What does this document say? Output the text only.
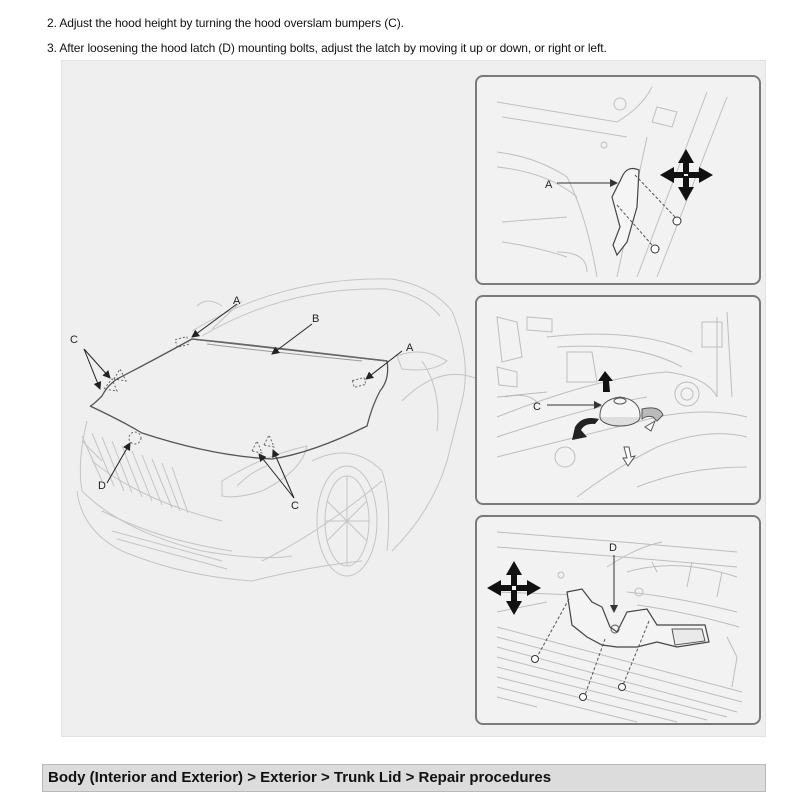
2. Adjust the hood height by turning the hood overslam bumpers (C).
3. After loosening the hood latch (D) mounting bolts, adjust the latch by moving it up or down, or right or left.
A
B
A
C
D
C
A
C
D
Body (Interior and Exterior) > Exterior > Trunk Lid > Repair procedures
